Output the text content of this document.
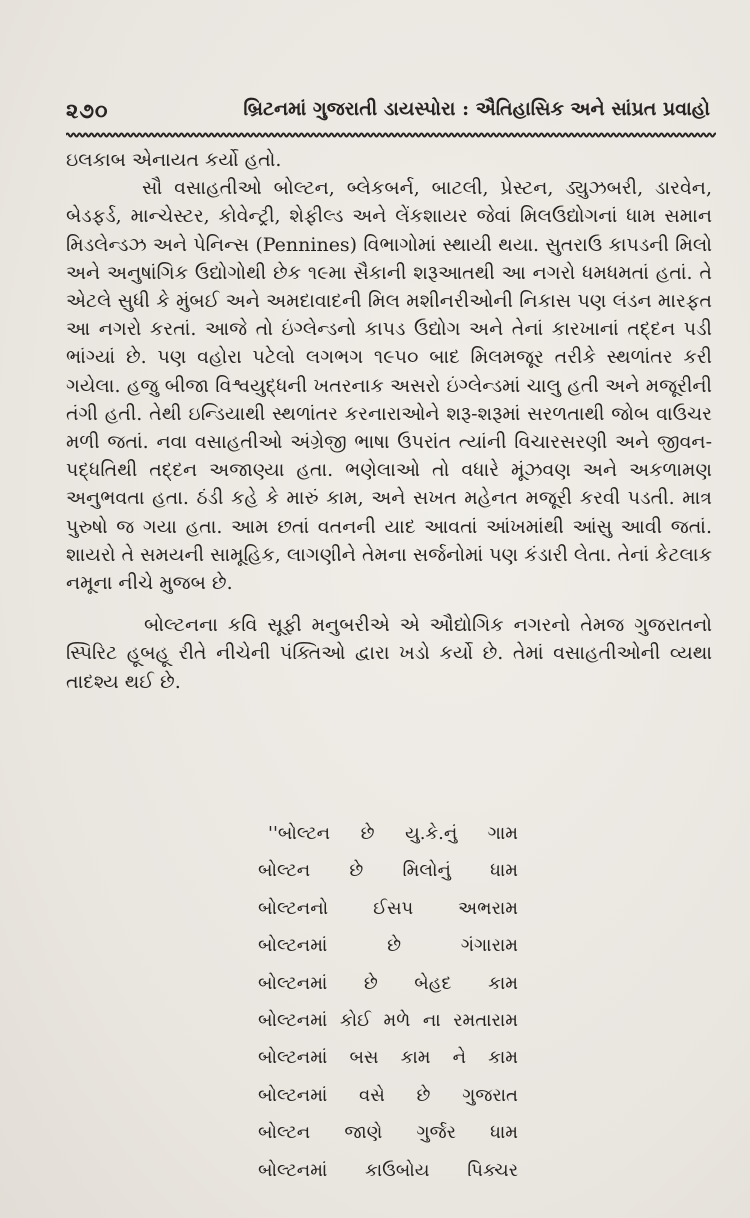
૨૭૦	બ્રિટનમાં ગુજરાતી ડાયસ્પોરા : ઐતિહાસિક અને સાંપ્રત પ્રવાહો

ઇલકાબ એનાયત કર્યો હતો.

સૌ વસાહતીઓ બોલ્ટન, બ્લેકબર્ન, બાટલી, પ્રેસ્ટન, ડ્યુઝબરી, ડારવેન, બેડફર્ડ, માન્ચેસ્ટર, કોવેન્ટ્રી, શેફીલ્ડ અને લેંકશાયર જેવાં મિલઉદ્યોગનાં ધામ સમાન મિડલેન્ડઝ અને પેનિન્સ (Pennines) વિભાગોમાં સ્થાયી થયા. સુતરાઉ કાપડની મિલો અને અનુષાંગિક ઉદ્યોગોથી છેક ૧૯મા સૈકાની શરૂઆતથી આ નગરો ધમધમતાં હતાં. તે એટલે સુધી કે મુંબઈ અને અમદાવાદની મિલ મશીનરીઓની નિકાસ પણ લંડન મારફત આ નગરો કરતાં. આજે તો ઇંગ્લેન્ડનો કાપડ ઉદ્યોગ અને તેનાં કારખાનાં તદ્દન પડી ભાંગ્યાં છે. પણ વહોરા પટેલો લગભગ ૧૯૫૦ બાદ મિલમજૂર તરીકે સ્થળાંતર કરી ગયેલા. હજુ બીજા વિશ્વયુદ્ધની ખતરનાક અસરો ઇંગ્લેન્ડમાં ચાલુ હતી અને મજૂરીની તંગી હતી. તેથી ઇન્ડિયાથી સ્થળાંતર કરનારાઓને શરૂ-શરૂમાં સરળતાથી જોબ વાઉચર મળી જતાં. નવા વસાહતીઓ અંગ્રેજી ભાષા ઉપરાંત ત્યાંની વિચારસરણી અને જીવન-પદ્ધતિથી તદ્દન અજાણ્યા હતા. ભણેલાઓ તો વધારે મૂંઝવણ અને અકળામણ અનુભવતા હતા. ઠંડી કહે કે મારું કામ, અને સખત મહેનત મજૂરી કરવી પડતી. માત્ર પુરુષો જ ગયા હતા. આમ છતાં વતનની યાદ આવતાં આંખમાંથી આંસુ આવી જતાં. શાયરો તે સમયની સામૂહિક, લાગણીને તેમના સર્જનોમાં પણ કંડારી લેતા. તેનાં કેટલાક નમૂના નીચે મુજબ છે.

બોલ્ટનના કવિ સૂફી મનુબરીએ એ ઔદ્યોગિક નગરનો તેમજ ગુજરાતનો સ્પિરિટ હૂબહૂ રીતે નીચેની પંક્તિઓ દ્વારા ખડો કર્યો છે. તેમાં વસાહતીઓની વ્યથા તાદશ્ય થઈ છે.

''બોલ્ટન છે યુ.કે.નું ગામ
બોલ્ટન છે મિલોનું ધામ
બોલ્ટનનો ઈસપ અભરામ
બોલ્ટનમાં છે ગંગારામ
બોલ્ટનમાં છે બેહદ કામ
બોલ્ટનમાં કોઈ મળે ના રમતારામ
બોલ્ટનમાં બસ કામ ને કામ
બોલ્ટનમાં વસે છે ગુજરાત
બોલ્ટન જાણે ગુર્જર ધામ
બોલ્ટનમાં કાઉબોય પિક્ચર
